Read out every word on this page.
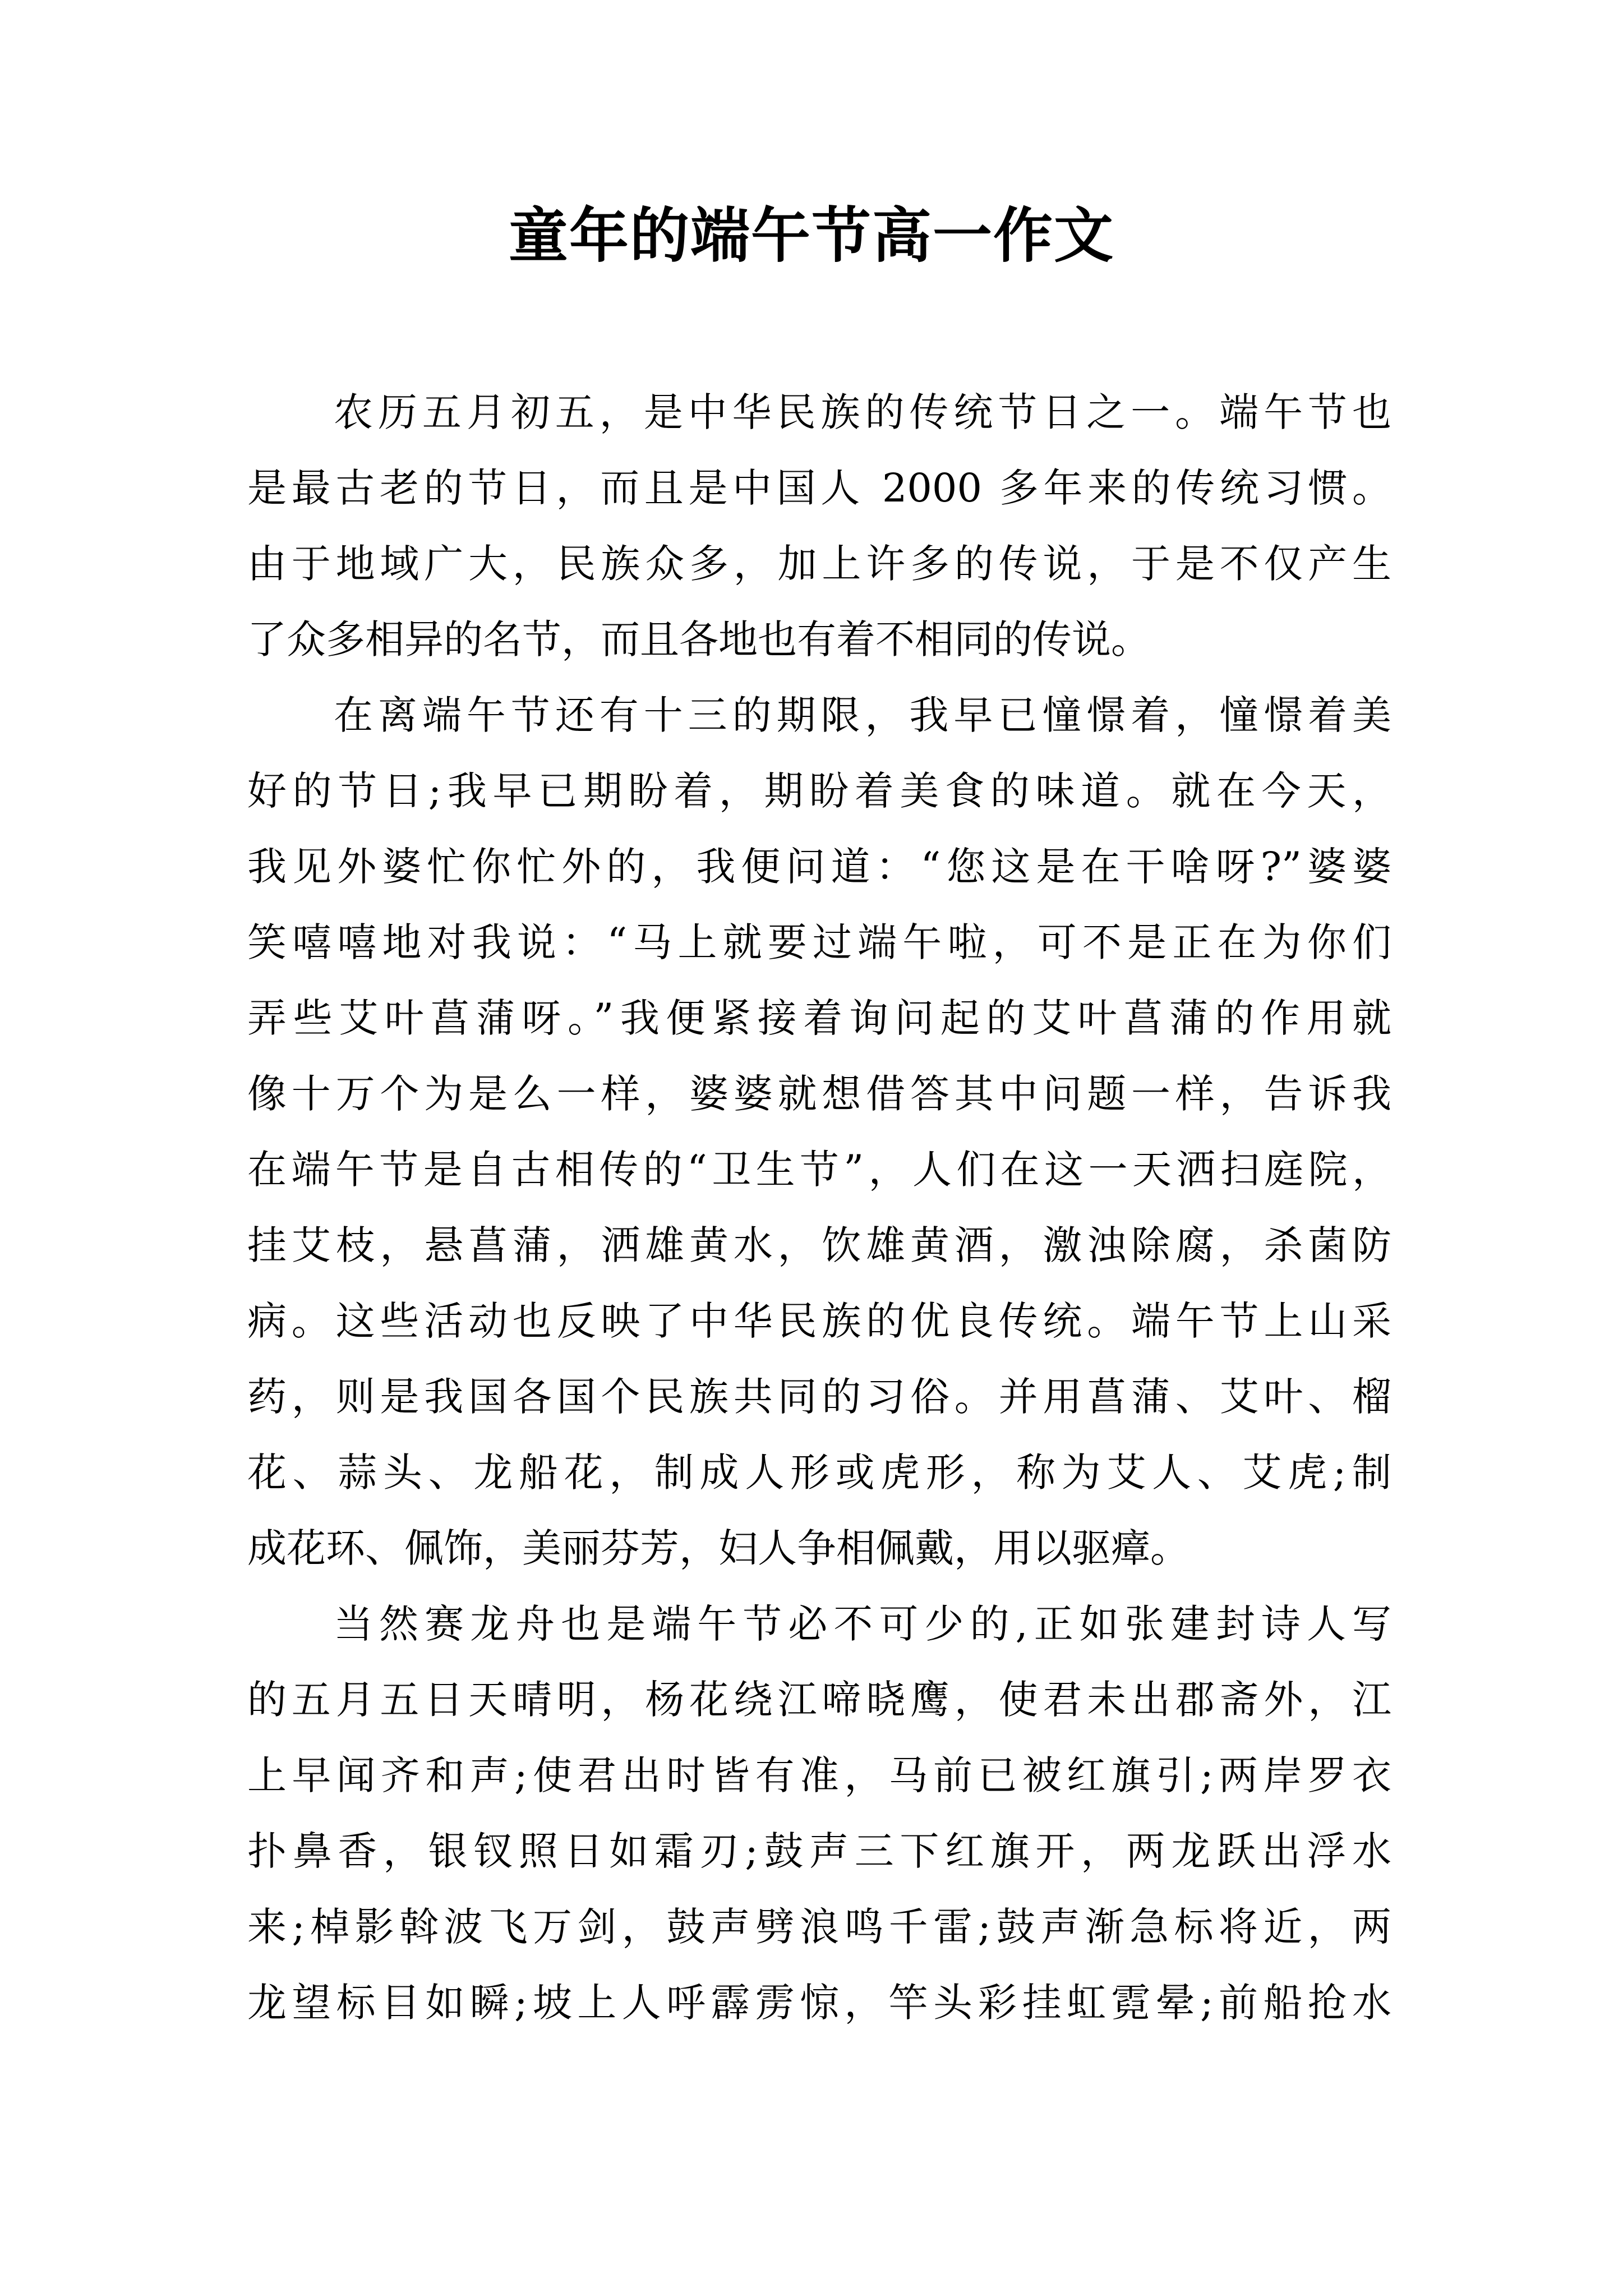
童年的端午节高一作文
农历五月初五，是中华民族的传统节日之一。端午节也
是最古老的节日，而且是中国人 2000 多年来的传统习惯。
由于地域广大，民族众多，加上许多的传说，于是不仅产生
了众多相异的名节，而且各地也有着不相同的传说。
在离端午节还有十三的期限，我早已憧憬着，憧憬着美
好的节日;我早已期盼着，期盼着美食的味道。就在今天，
我见外婆忙你忙外的，我便问道：“您这是在干啥呀?”婆婆
笑嘻嘻地对我说：“马上就要过端午啦，可不是正在为你们
弄些艾叶菖蒲呀。”我便紧接着询问起的艾叶菖蒲的作用就
像十万个为是么一样，婆婆就想借答其中问题一样，告诉我
在端午节是自古相传的“卫生节”，人们在这一天洒扫庭院，
挂艾枝，悬菖蒲，洒雄黄水，饮雄黄酒，激浊除腐，杀菌防
病。这些活动也反映了中华民族的优良传统。端午节上山采
药，则是我国各国个民族共同的习俗。并用菖蒲、艾叶、榴
花、蒜头、龙船花，制成人形或虎形，称为艾人、艾虎;制
成花环、佩饰，美丽芬芳，妇人争相佩戴，用以驱瘴。
当然赛龙舟也是端午节必不可少的,正如张建封诗人写
的五月五日天晴明，杨花绕江啼晓鹰，使君未出郡斋外，江
上早闻齐和声;使君出时皆有准，马前已被红旗引;两岸罗衣
扑鼻香，银钗照日如霜刃;鼓声三下红旗开，两龙跃出浮水
来;棹影斡波飞万剑，鼓声劈浪鸣千雷;鼓声渐急标将近，两
龙望标目如瞬;坡上人呼霹雳惊，竿头彩挂虹霓晕;前船抢水
